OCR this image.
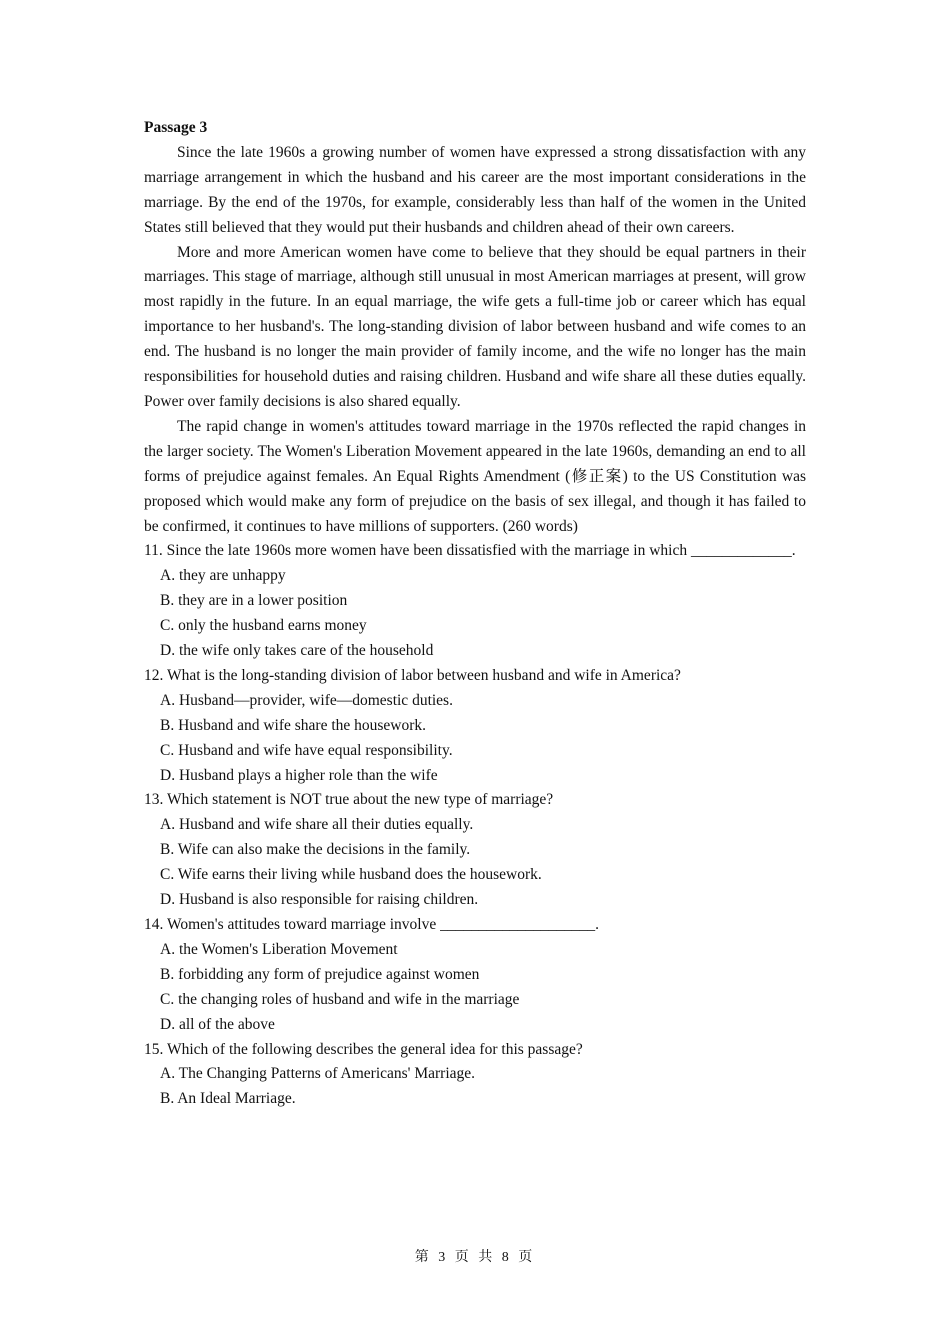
Passage 3

Since the late 1960s a growing number of women have expressed a strong dissatisfaction with any marriage arrangement in which the husband and his career are the most important considerations in the marriage. By the end of the 1970s, for example, considerably less than half of the women in the United States still believed that they would put their husbands and children ahead of their own careers.

More and more American women have come to believe that they should be equal partners in their marriages. This stage of marriage, although still unusual in most American marriages at present, will grow most rapidly in the future. In an equal marriage, the wife gets a full-time job or career which has equal importance to her husband's. The long-standing division of labor between husband and wife comes to an end. The husband is no longer the main provider of family income, and the wife no longer has the main responsibilities for household duties and raising children. Husband and wife share all these duties equally. Power over family decisions is also shared equally.

The rapid change in women's attitudes toward marriage in the 1970s reflected the rapid changes in the larger society. The Women's Liberation Movement appeared in the late 1960s, demanding an end to all forms of prejudice against females. An Equal Rights Amendment (修正案) to the US Constitution was proposed which would make any form of prejudice on the basis of sex illegal, and though it has failed to be confirmed, it continues to have millions of supporters. (260 words)

11. Since the late 1960s more women have been dissatisfied with the marriage in which _____________.

A. they are unhappy
B. they are in a lower position
C. only the husband earns money
D. the wife only takes care of the household

12. What is the long-standing division of labor between husband and wife in America?

A. Husband—provider, wife—domestic duties.
B. Husband and wife share the housework.
C. Husband and wife have equal responsibility.
D. Husband plays a higher role than the wife

13. Which statement is NOT true about the new type of marriage?

A. Husband and wife share all their duties equally.
B. Wife can also make the decisions in the family.
C. Wife earns their living while husband does the housework.
D. Husband is also responsible for raising children.

14. Women's attitudes toward marriage involve ____________________.

A. the Women's Liberation Movement
B. forbidding any form of prejudice against women
C. the changing roles of husband and wife in the marriage
D. all of the above

15. Which of the following describes the general idea for this passage?

A. The Changing Patterns of Americans' Marriage.
B. An Ideal Marriage.
第 3 页 共 8 页
